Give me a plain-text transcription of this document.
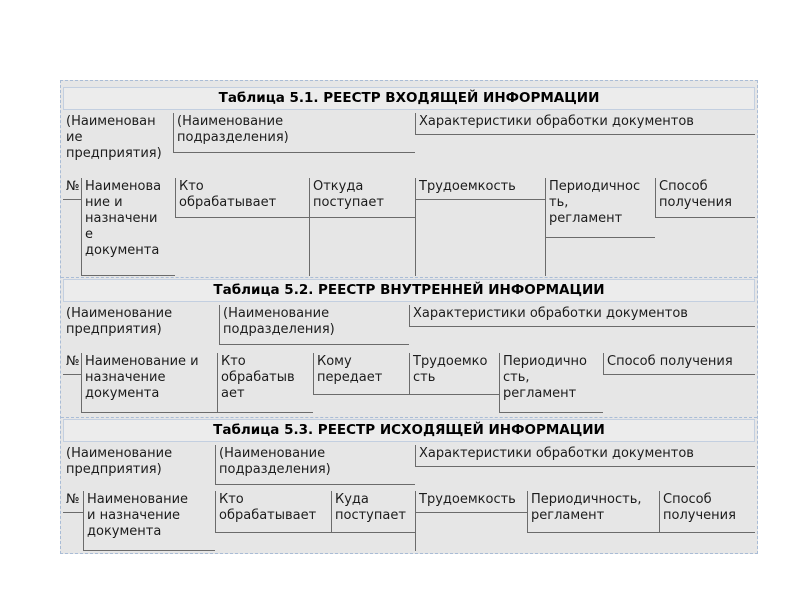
Таблица 5.1. РЕЕСТР ВХОДЯЩЕЙ ИНФОРМАЦИИ
(Наименован
ие
предприятия)
(Наименование
подразделения)
Характеристики обработки документов
№ Наименова
ние и
назначени
е
документа
Кто
обрабатывает
Откуда
поступает
Трудоемкость	Периодичнос
ть,
регламент
Способ
получения
Таблица 5.2. РЕЕСТР ВНУТРЕННЕЙ ИНФОРМАЦИИ
(Наименование
предприятия)
(Наименование
подразделения)
Характеристики обработки документов
№ Наименование и
назначение
документа
Кто
обрабатыв
ает
Кому
передает
Трудоемко
сть
Периодично
сть,
регламент
Способ получения
Таблица 5.3. РЕЕСТР ИСХОДЯЩЕЙ ИНФОРМАЦИИ
(Наименование
предприятия)
(Наименование
подразделения)
Характеристики обработки документов
№ Наименование
и назначение
документа
Кто
обрабатывает
Куда
поступает
Трудоемкость	Периодичность,
регламент
Способ
получения
